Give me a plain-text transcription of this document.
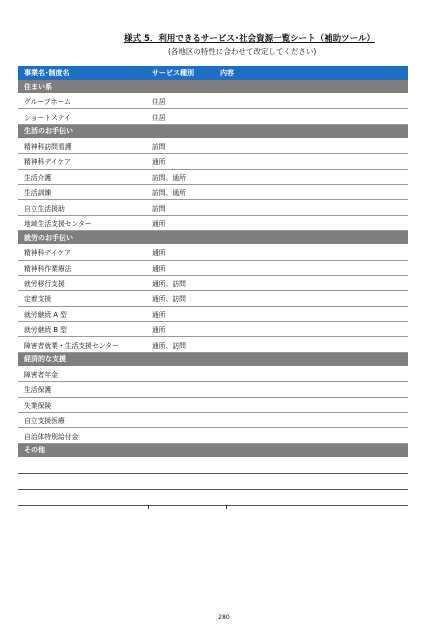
様式 5．利用できるサービス･社会資源一覧シート（補助ツール）
(各地区の特性に合わせて改定してください)
事業名･制度名	サービス種別	内容
住まい系
グループホーム	住居
ショートステイ	住居
生活のお手伝い
精神科訪問看護	訪問
精神科デイケア	通所
生活介護	訪問、通所
生活訓練	訪問、通所
自立生活援助	訪問
地域生活支援センター	通所
就労のお手伝い
精神科デイケア	通所
精神科作業療法	通所
就労移行支援	通所、訪問
定着支援	通所、訪問
就労継続 A 型	通所
就労継続 B 型	通所
障害者就業・生活支援センター	通所、訪問
経済的な支援
障害者年金
生活保護
失業保険
自立支援医療
自治体特別給付金
その他
280
